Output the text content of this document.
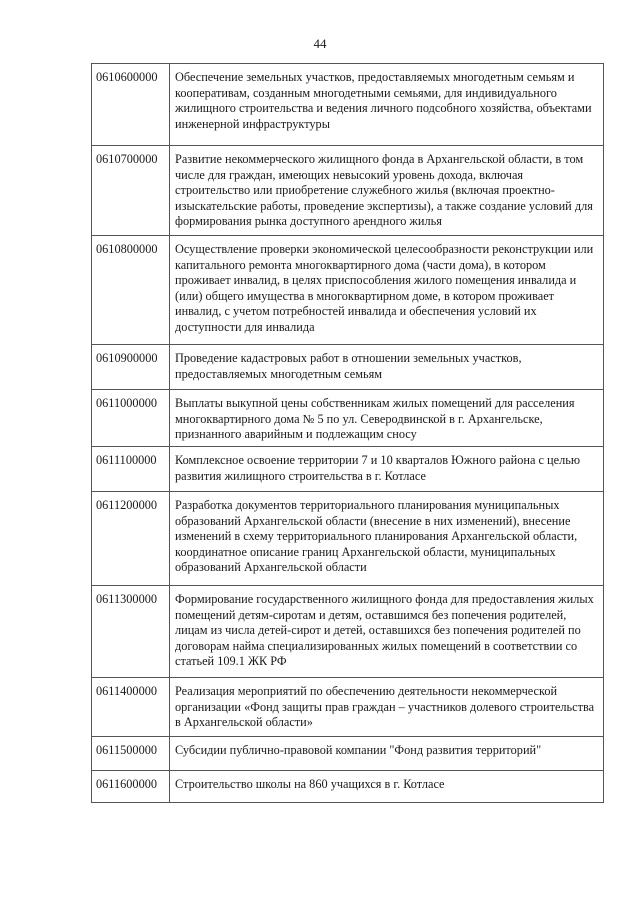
44
0610600000	Обеспечение земельных участков, предоставляемых многодетным семьям и кооперативам, созданным многодетными семьями, для индивидуального жилищного строительства и ведения личного подсобного хозяйства, объектами инженерной инфраструктуры
0610700000	Развитие некоммерческого жилищного фонда в Архангельской области, в том числе для граждан, имеющих невысокий уровень дохода, включая строительство или приобретение служебного жилья (включая проектно-изыскательские работы, проведение экспертизы), а также создание условий для формирования рынка доступного арендного жилья
0610800000	Осуществление проверки экономической целесообразности реконструкции или капитального ремонта многоквартирного дома (части дома), в котором проживает инвалид, в целях приспособления жилого помещения инвалида и (или) общего имущества в многоквартирном доме, в котором проживает инвалид, с учетом потребностей инвалида и обеспечения условий их доступности для инвалида
0610900000	Проведение кадастровых работ в отношении земельных участков, предоставляемых многодетным семьям
0611000000	Выплаты выкупной цены собственникам жилых помещений для расселения многоквартирного дома № 5 по ул. Северодвинской в г. Архангельске, признанного аварийным и подлежащим сносу
0611100000	Комплексное освоение территории 7 и 10 кварталов Южного района с целью развития жилищного строительства в г. Котласе
0611200000	Разработка документов территориального планирования муниципальных образований Архангельской области (внесение в них изменений), внесение изменений в схему территориального планирования Архангельской области, координатное описание границ Архангельской области, муниципальных образований Архангельской области
0611300000	Формирование государственного жилищного фонда для предоставления жилых помещений детям-сиротам и детям, оставшимся без попечения родителей, лицам из числа детей-сирот и детей, оставшихся без попечения родителей по договорам найма специализированных жилых помещений в соответствии со статьей 109.1 ЖК РФ
0611400000	Реализация мероприятий по обеспечению деятельности некоммерческой организации «Фонд защиты прав граждан – участников долевого строительства в Архангельской области»
0611500000	Субсидии публично-правовой компании "Фонд развития территорий"
0611600000	Строительство школы на 860 учащихся в г. Котласе
